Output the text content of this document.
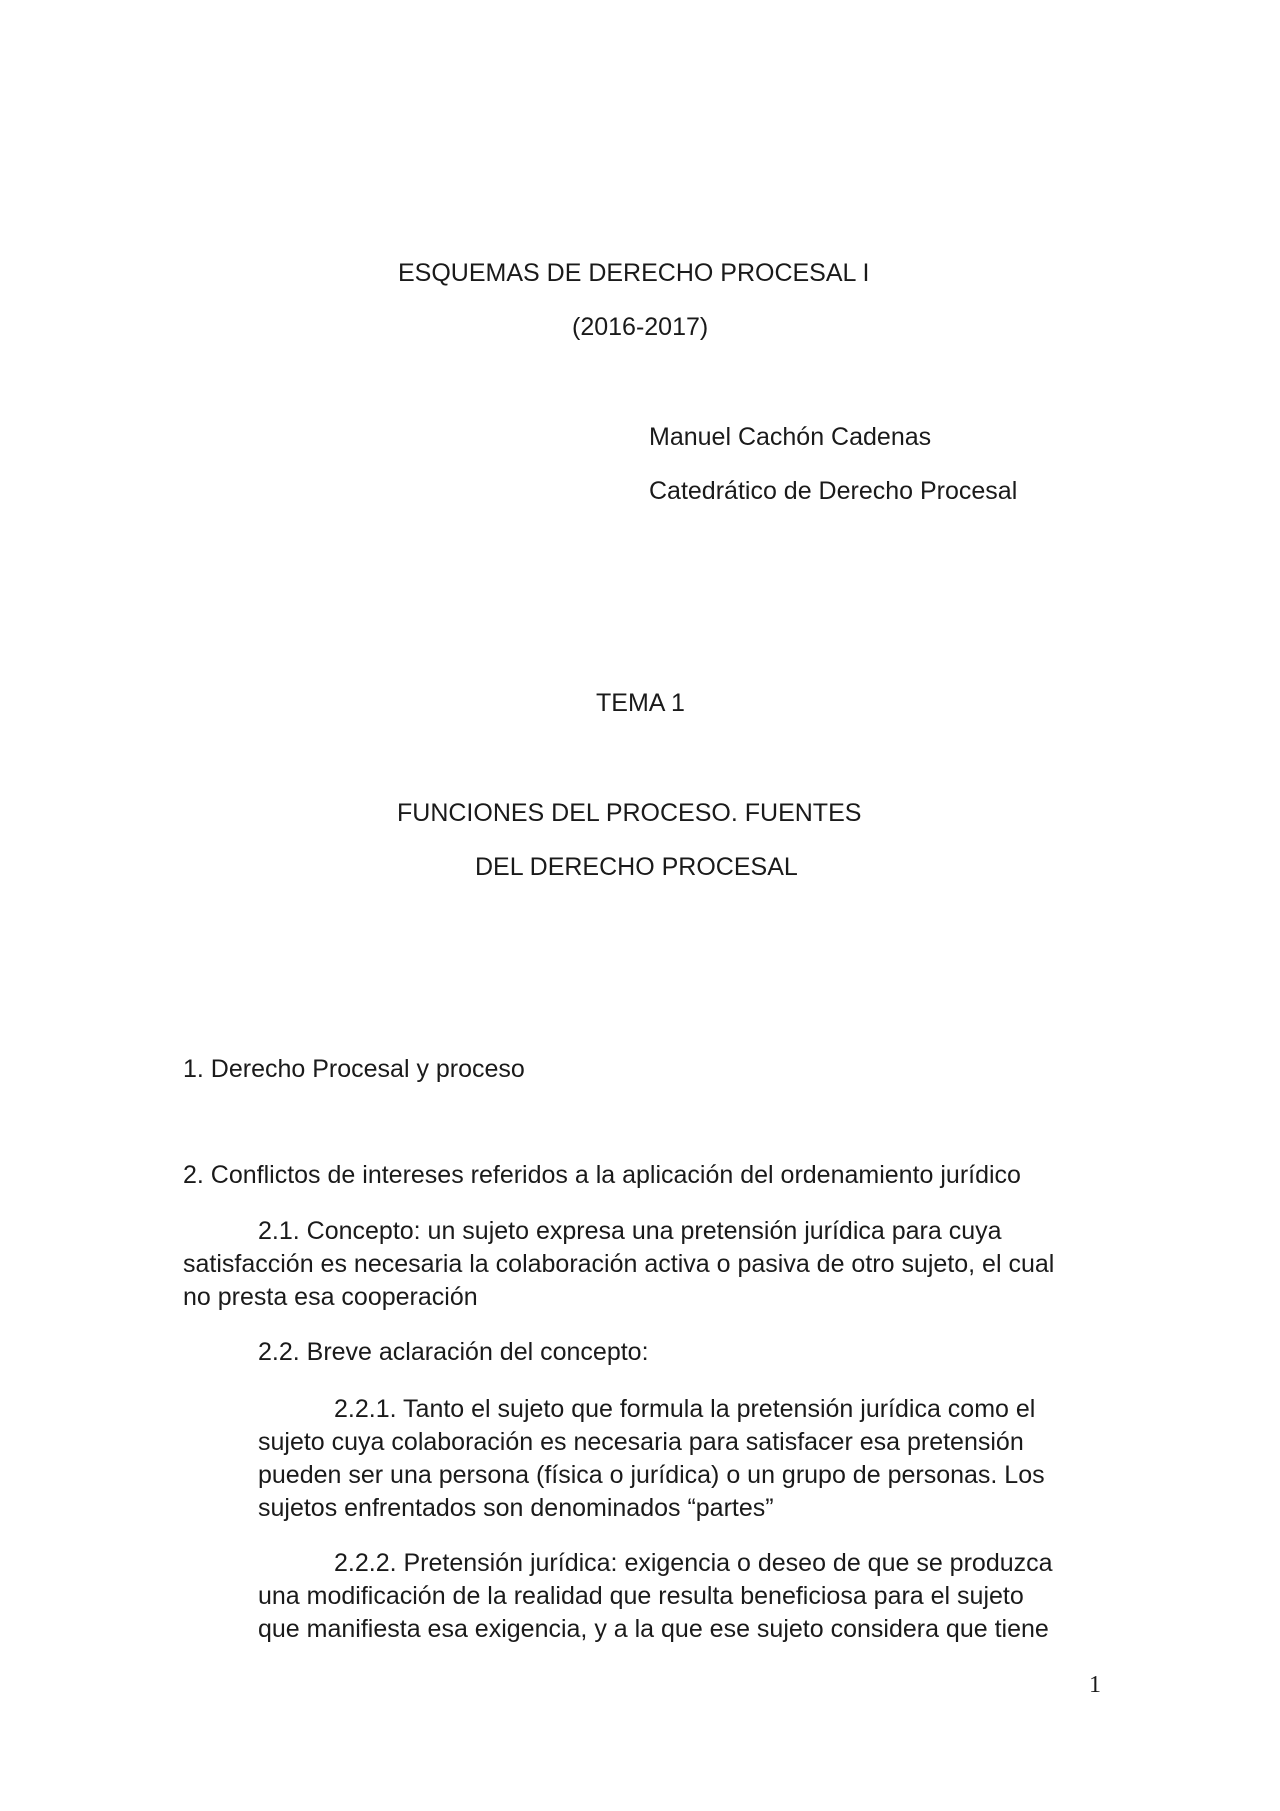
ESQUEMAS DE DERECHO PROCESAL I

(2016-2017)

Manuel Cachón Cadenas

Catedrático de Derecho Procesal

TEMA 1

FUNCIONES DEL PROCESO. FUENTES

DEL DERECHO PROCESAL

1. Derecho Procesal y proceso

2. Conflictos de intereses referidos a la aplicación del ordenamiento jurídico

2.1. Concepto: un sujeto expresa una pretensión jurídica para cuya

satisfacción es necesaria la colaboración activa o pasiva de otro sujeto, el cual

no presta esa cooperación

2.2. Breve aclaración del concepto:

2.2.1. Tanto el sujeto que formula la pretensión jurídica como el

sujeto cuya colaboración es necesaria para satisfacer esa pretensión

pueden ser una persona (física o jurídica) o un grupo de personas. Los

sujetos enfrentados son denominados “partes”

2.2.2. Pretensión jurídica: exigencia o deseo de que se produzca

una modificación de la realidad que resulta beneficiosa para el sujeto

que manifiesta esa exigencia, y a la que ese sujeto considera que tiene

1
